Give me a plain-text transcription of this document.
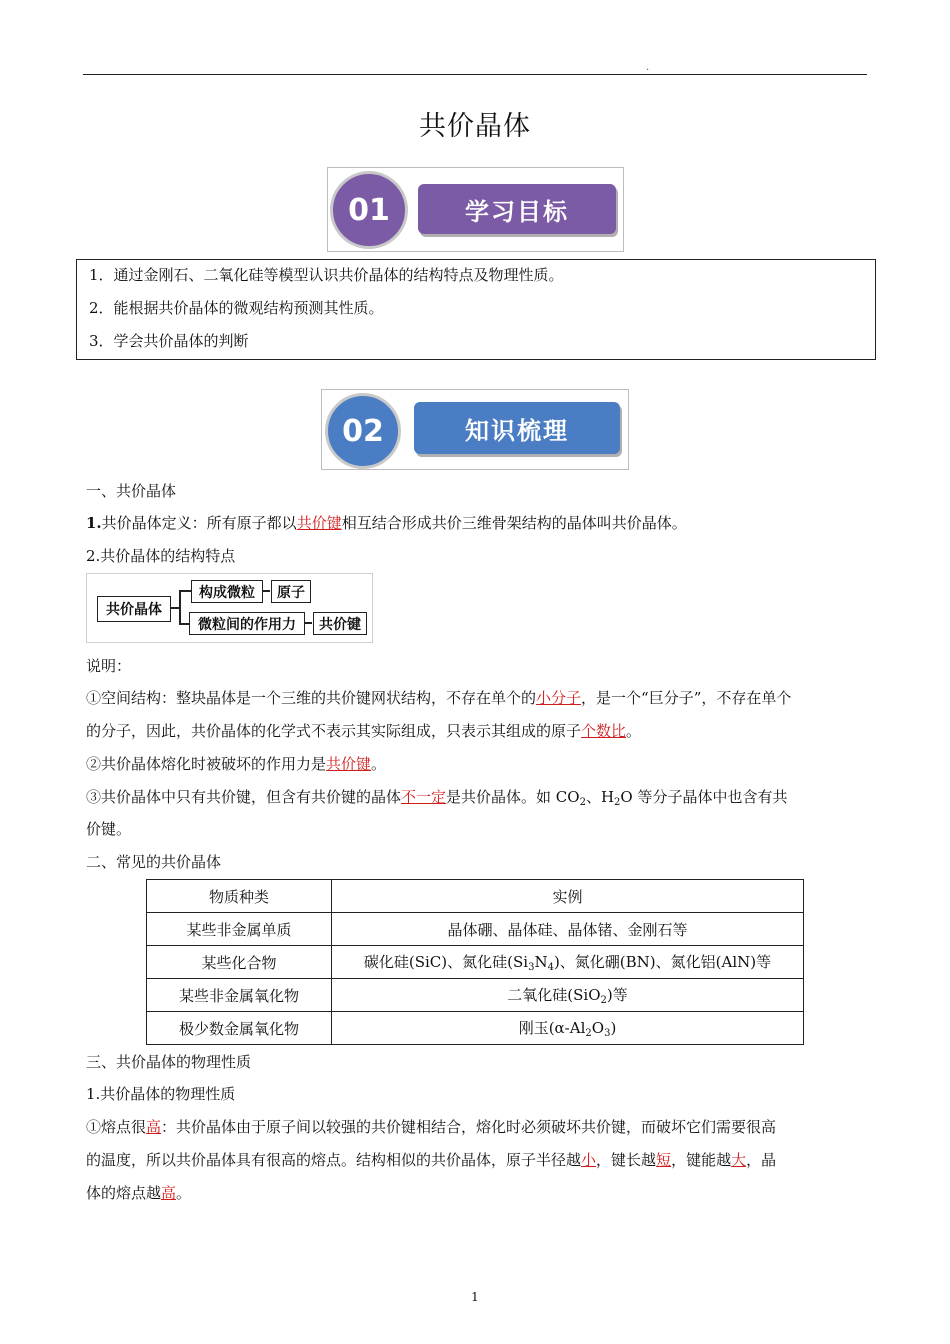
.
共价晶体
01	学习目标
1．通过金刚石、二氧化硅等模型认识共价晶体的结构特点及物理性质。
2．能根据共价晶体的微观结构预测其性质。
3．学会共价晶体的判断
02	知识梳理
一、共价晶体
1.共价晶体定义：所有原子都以共价键相互结合形成共价三维骨架结构的晶体叫共价晶体。
2.共价晶体的结构特点
共价晶体
构成微粒	原子
微粒间的作用力	共价键
说明：
①空间结构：整块晶体是一个三维的共价键网状结构，不存在单个的小分子，是一个“巨分子”，不存在单个
的分子，因此，共价晶体的化学式不表示其实际组成，只表示其组成的原子个数比。
②共价晶体熔化时被破坏的作用力是共价键。
③共价晶体中只有共价键，但含有共价键的晶体不一定是共价晶体。如 $CO_2$、$H_2O$ 等分子晶体中也含有共
价键。
二、常见的共价晶体
物质种类	实例
某些非金属单质	晶体硼、晶体硅、晶体锗、金刚石等
某些化合物	碳化硅(SiC)、氮化硅$(Si_3N_4)$、氮化硼(BN)、氮化铝(AlN)等
某些非金属氧化物	二氧化硅(SiO$_2$)等
极少数金属氧化物	刚玉$(\alpha-Al_2O_3)$
三、共价晶体的物理性质
1.共价晶体的物理性质
①熔点很高：共价晶体由于原子间以较强的共价键相结合，熔化时必须破坏共价键，而破坏它们需要很高
的温度，所以共价晶体具有很高的熔点。结构相似的共价晶体，原子半径越小，键长越短，键能越大，晶
体的熔点越高。
1
